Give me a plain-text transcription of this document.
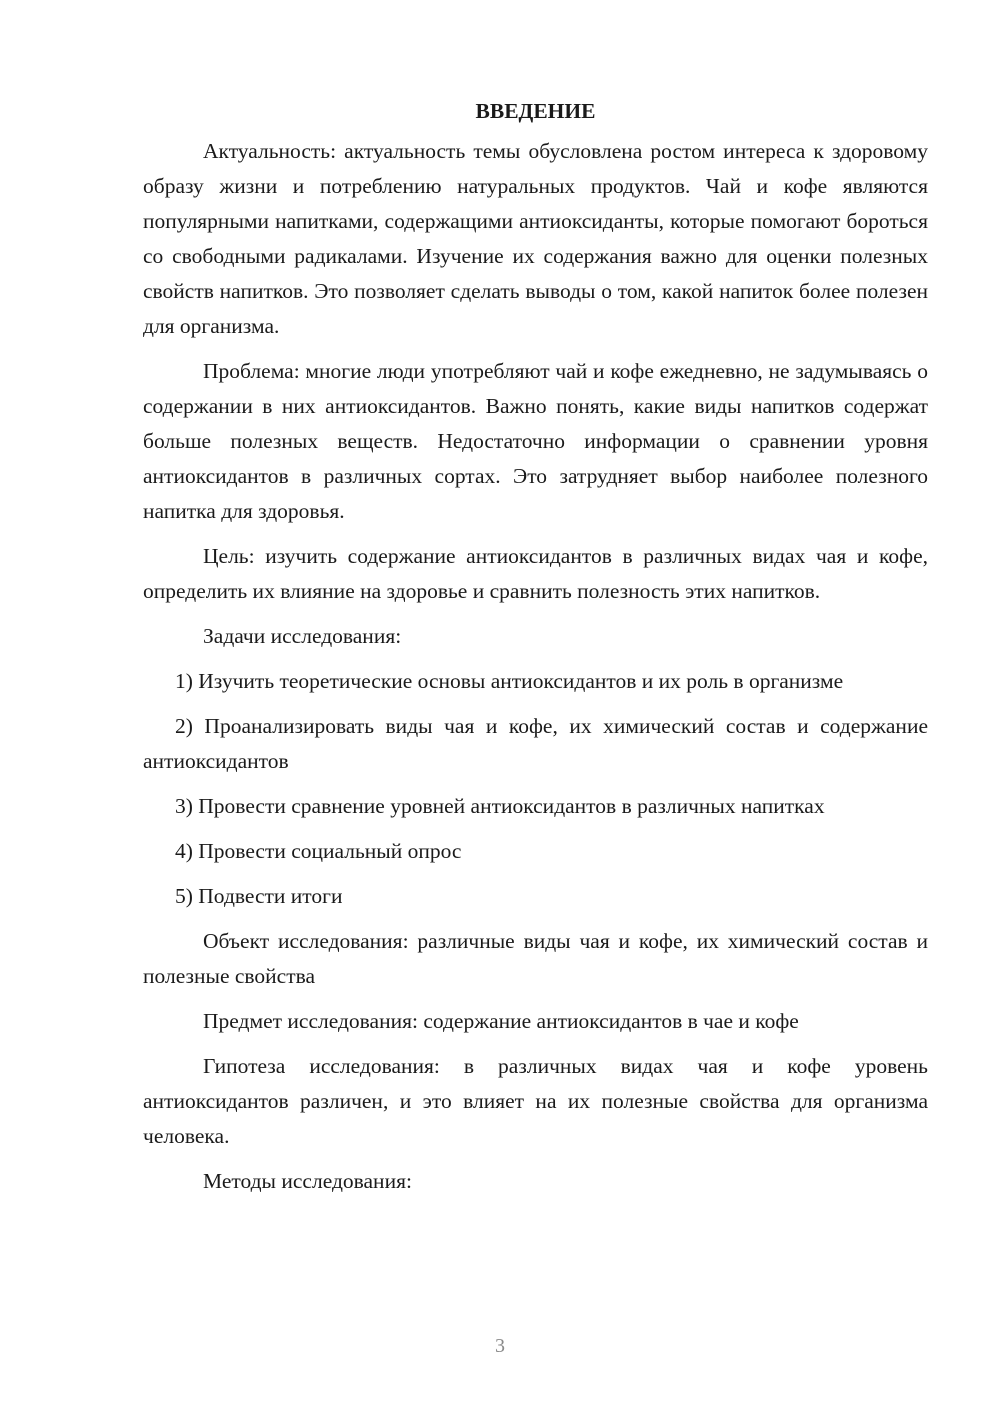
ВВЕДЕНИЕ

Актуальность: актуальность темы обусловлена ростом интереса к здоровому образу жизни и потреблению натуральных продуктов. Чай и кофе являются популярными напитками, содержащими антиоксиданты, которые помогают бороться со свободными радикалами. Изучение их содержания важно для оценки полезных свойств напитков. Это позволяет сделать выводы о том, какой напиток более полезен для организма.

Проблема: многие люди употребляют чай и кофе ежедневно, не задумываясь о содержании в них антиоксидантов. Важно понять, какие виды напитков содержат больше полезных веществ. Недостаточно информации о сравнении уровня антиоксидантов в различных сортах. Это затрудняет выбор наиболее полезного напитка для здоровья.

Цель: изучить содержание антиоксидантов в различных видах чая и кофе, определить их влияние на здоровье и сравнить полезность этих напитков.

Задачи исследования:

1) Изучить теоретические основы антиоксидантов и их роль в организме

2) Проанализировать виды чая и кофе, их химический состав и содержание антиоксидантов

3) Провести сравнение уровней антиоксидантов в различных напитках

4) Провести социальный опрос

5) Подвести итоги

Объект исследования: различные виды чая и кофе, их химический состав и полезные свойства

Предмет исследования: содержание антиоксидантов в чае и кофе

Гипотеза исследования: в различных видах чая и кофе уровень антиоксидантов различен, и это влияет на их полезные свойства для организма человека.

Методы исследования:

3
